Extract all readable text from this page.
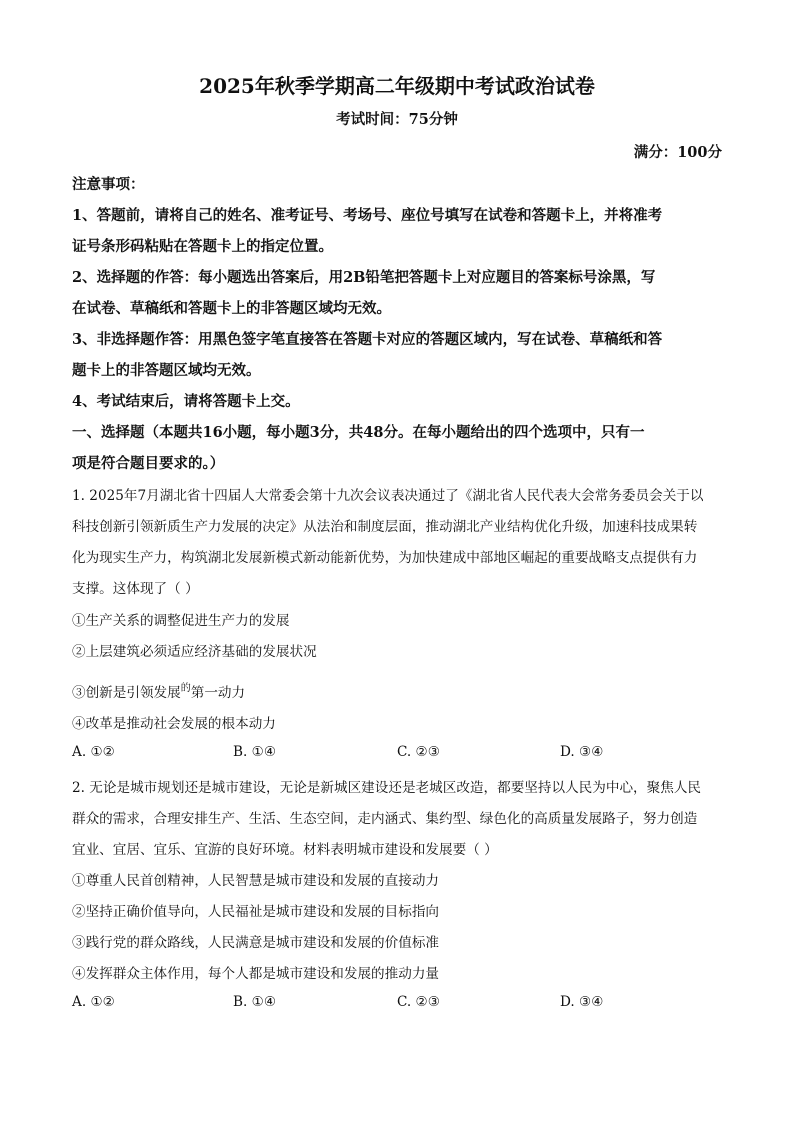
2025年秋季学期高二年级期中考试政治试卷
考试时间：75分钟
满分：100分
注意事项：
1、答题前，请将自己的姓名、准考证号、考场号、座位号填写在试卷和答题卡上，并将准考
证号条形码粘贴在答题卡上的指定位置。
2、选择题的作答：每小题选出答案后，用2B铅笔把答题卡上对应题目的答案标号涂黑，写
在试卷、草稿纸和答题卡上的非答题区域均无效。
3、非选择题作答：用黑色签字笔直接答在答题卡对应的答题区域内，写在试卷、草稿纸和答
题卡上的非答题区域均无效。
4、考试结束后，请将答题卡上交。
一、选择题（本题共16小题，每小题3分，共48分。在每小题给出的四个选项中，只有一
项是符合题目要求的。）
1. 2025年7月湖北省十四届人大常委会第十九次会议表决通过了《湖北省人民代表大会常务委员会关于以
科技创新引领新质生产力发展的决定》从法治和制度层面，推动湖北产业结构优化升级，加速科技成果转
化为现实生产力，构筑湖北发展新模式新动能新优势，为加快建成中部地区崛起的重要战略支点提供有力
支撑。这体现了（ ）
①生产关系的调整促进生产力的发展
②上层建筑必须适应经济基础的发展状况
③创新是引领发展$^的$第一动力
④改革是推动社会发展的根本动力
A. ①②	B. ①④	C. ②③	D. ③④
2. 无论是城市规划还是城市建设，无论是新城区建设还是老城区改造，都要坚持以人民为中心，聚焦人民
群众的需求，合理安排生产、生活、生态空间，走内涵式、集约型、绿色化的高质量发展路子，努力创造
宜业、宜居、宜乐、宜游的良好环境。材料表明城市建设和发展要（ ）
①尊重人民首创精神，人民智慧是城市建设和发展的直接动力
②坚持正确价值导向，人民福祉是城市建设和发展的目标指向
③践行党的群众路线，人民满意是城市建设和发展的价值标准
④发挥群众主体作用，每个人都是城市建设和发展的推动力量
A. ①②	B. ①④	C. ②③	D. ③④
